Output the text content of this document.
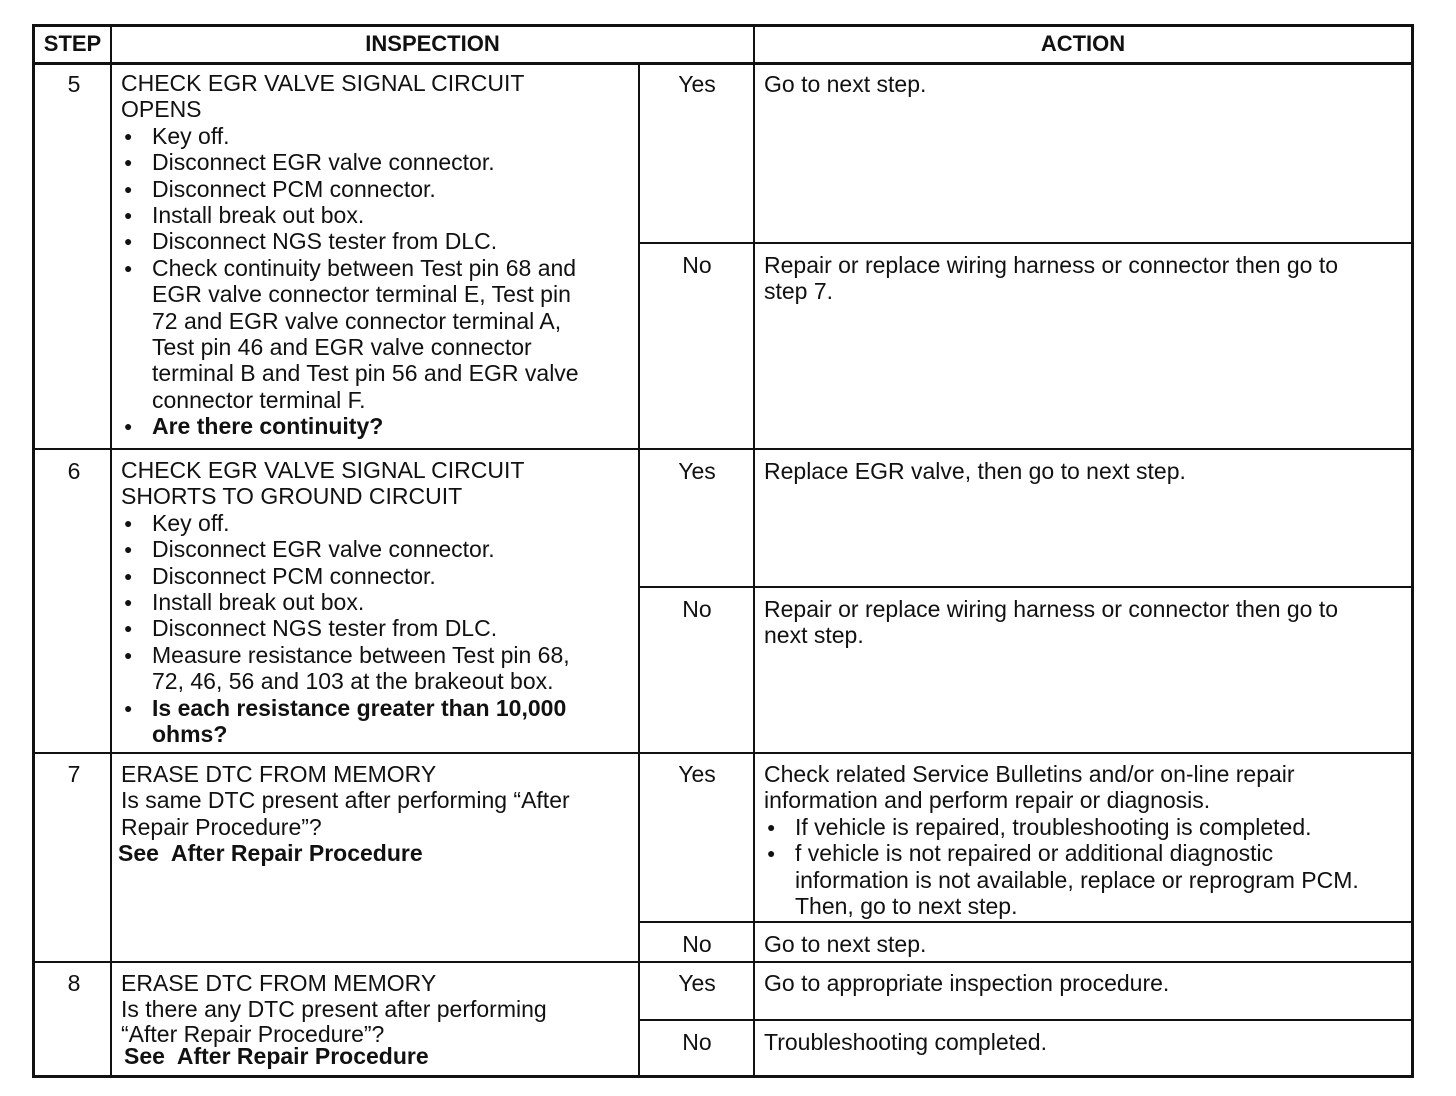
STEP	INSPECTION	ACTION
5	CHECK EGR VALVE SIGNAL CIRCUIT
OPENS
● Key off.
● Disconnect EGR valve connector.
● Disconnect PCM connector.
● Install break out box.
● Disconnect NGS tester from DLC.
● Check continuity between Test pin 68 and
EGR valve connector terminal E, Test pin
72 and EGR valve connector terminal A,
Test pin 46 and EGR valve connector
terminal B and Test pin 56 and EGR valve
connector terminal F.
● Are there continuity?
Yes	Go to next step.
No	Repair or replace wiring harness or connector then go to
step 7.
6	CHECK EGR VALVE SIGNAL CIRCUIT
SHORTS TO GROUND CIRCUIT
● Key off.
● Disconnect EGR valve connector.
● Disconnect PCM connector.
● Install break out box.
● Disconnect NGS tester from DLC.
● Measure resistance between Test pin 68,
72, 46, 56 and 103 at the brakeout box.
● Is each resistance greater than 10,000
ohms?
Yes	Replace EGR valve, then go to next step.
No	Repair or replace wiring harness or connector then go to
next step.
7	ERASE DTC FROM MEMORY
Is same DTC present after performing “After
Repair Procedure”?
See  After Repair Procedure
Yes	Check related Service Bulletins and/or on-line repair
information and perform repair or diagnosis.
● If vehicle is repaired, troubleshooting is completed.
● f vehicle is not repaired or additional diagnostic
information is not available, replace or reprogram PCM.
Then, go to next step.
No	Go to next step.
8	ERASE DTC FROM MEMORY
Is there any DTC present after performing
“After Repair Procedure”?
See  After Repair Procedure
Yes	Go to appropriate inspection procedure.
No	Troubleshooting completed.
